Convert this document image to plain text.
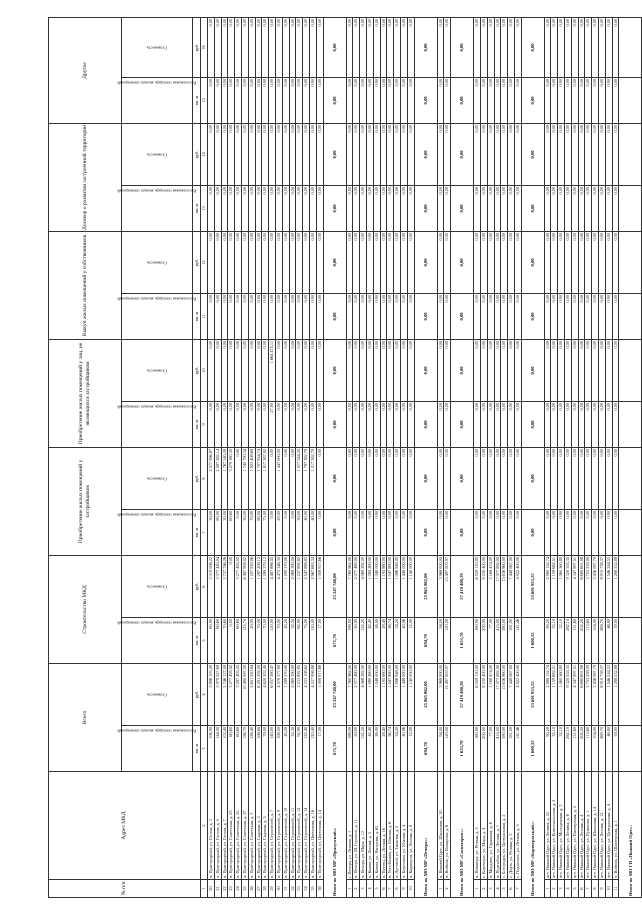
№ п/п	Адрес МКД	Всего		Строительство МКД		Приобретение жилых помещений у застройщиков		Приобретение жилых помещений у лиц, не являющихся застройщиком		Выкуп жилых помещений у собственников		Договор о развитии застроенной территории		Другое	
		Расселяемая площадь жилых помещений	Стоимость	Расселяемая площадь жилых помещений	Стоимость	Расселяемая площадь жилых помещений	Стоимость	Расселяемая площадь жилых помещений	Стоимость	Расселяемая площадь жилых помещений	Стоимость	Расселяемая площадь жилых помещений	Стоимость	Расселяемая площадь жилых помещений	Стоимость
		кв. м	руб.	кв. м	руб.	кв. м	руб.	кв. м	руб.	кв. м	руб.	кв. м	руб.	кв. м	руб.
1	2	3	4	5	6	7	8	9	10	11	12	13	14	15	16
20	п. Пригородный, ул. Гоголя, д. 3	106,90	5 896 103,09	60,90	3 319 006,22	30,00	2 577 096,87	0,00	0,00	0,00	0,00	0,00	0,00	0,00	0,00
21	п. Пригородный, ул. Гоголя, д. 5	144,00	5 979 327,69	60,60	3 377 445,04	80,00	2 597 382,14	0,00	0,00	0,00	0,00	0,00	0,00	0,00	0,00
22	п. Пригородный, ул. Гоголя, д. 7	103,40	5 746 137,09	70,60	3 737 746,26	30,00	1 767 340,28	0,00	0,00	0,00	0,00	0,00	0,00	0,00	0,00
23	п. Пригородный, ул. Советская, д. 23	60,60	3 277 495,02	0,00	0,00	60,60	3 279 380,30	0,00	0,00	0,00	0,00	0,00	0,00	0,00	0,00
24	п. Пригородный, ул. Советская, д. 25	60,60	3 297 495,02	60,60	3 277 495,02	0,00	0,00	0,00	0,00	0,00	0,00	0,00	0,00	0,00	0,00
25	п. Пригородный, ул. Советская, д. 27	156,70	10 490 097,00	125,70	6 487 908,02	30,00	1 745 790,34	0,00	0,00	0,00	0,00	0,00	0,00	0,00	0,00
26	п. Пригородный, ул. Советская, д. 3	126,40	5 651 220,84	20,00	1 207 930,06	70,00	1 923 408,68	0,00	0,00	0,00	0,00	0,00	0,00	0,00	0,00
27	п. Пригородный, ул. Садовая, д. 3	106,60	6 291 292,20	70,00	1 287 208,12	80,00	1 707 954,74	0,00	0,00	0,00	0,00	0,00	0,00	0,00	0,00
28	п. Пригородный, ул. Садовая, д. 5	78,00	4 620 303,40	70,00	1 289 379,12	75,00	1 817 387,02	0,00	0,00	0,00	0,00	0,00	0,00	0,00	0,00
29	п. Пригородный, ул. Строителей, д. 7	140,00	6 057 380,47	120,00	4 487 886,55	0,00	0,00	27,90	1 664 475,11	0,00	0,00	0,00	0,00	0,00	0,00
30	п. Пригородный, ул. Строителей, д. 9	108,00	4 579 377,90	70,00	4 473 346,30	29,00	1 447 000,00	0,00	0,00	0,00	0,00	0,00	0,00	0,00	0,00
31	п. Пригородный, ул. Строителей, д. 10	45,20	1 299 370,00	45,20	1 299 370,00	0,00	0,00	0,00	0,00	0,00	0,00	0,00	0,00	0,00	0,00
32	п. Пригородный, ул. Строителей, д. 11	32,30	2 069 390,00	32,30	2 069 390,00	0,00	0,00	0,00	0,00	0,00	0,00	0,00	0,00	0,00	0,00
33	п. Пригородный, ул. Строителей, д. 12	92,90	3 233 892,85	62,90	1 237 892,85	30,00	1 077 344,20	0,00	0,00	0,00	0,00	0,00	0,00	0,00	0,00
34	п. Пригородный, ул. Строителей, д. 14	122,40	4 333 108,62	75,00	2 547 888,83	40,00	1 787 382,79	0,00	0,00	0,00	0,00	0,00	0,00	0,00	0,00
35	п. Пригородный, ул. Цветочная, д. 16	120,40	4 537 998,88	120,00	2 967 683,34	40,00	1 217 382,79	0,00	0,00	0,00	0,00	0,00	0,00	0,00	0,00
36	п. Пригородный, ул. Цветочная, д. 14	17,00	1 008 917,66	17,00	1 008 917,66	0,00	0,00	0,00	0,00	0,00	0,00	0,00	0,00	0,00	0,00
Итого по МО МР «Прилузский»:		671,70	23 247 740,00	671,70	23 247 740,00	0,00	0,00	0,00	0,00	0,00	0,00	0,00	0,00	0,00	0,00
1	г. Печора, ул. Ленина, д. 1	188,00	7 760 962,00	188,00	7 760 962,00	0,00	0,00	0,00	0,00	0,00	0,00	0,00	0,00	0,00	0,00
2	п. Печора, ул. М. Горького, д. 11	50,90	2 077 480,00	50,90	2 077 480,00	0,00	0,00	0,00	0,00	0,00	0,00	0,00	0,00	0,00	0,00
3	п. Печора, ул. Мира, д. 12	152,20	4 068 282,00	152,20	4 068 282,00	0,00	0,00	0,00	0,00	0,00	0,00	0,00	0,00	0,00	0,00
4	п. Кожва, ул. Лесная, д. 5	42,40	1 080 260,00	42,40	1 080 260,00	0,00	0,00	0,00	0,00	0,00	0,00	0,00	0,00	0,00	0,00
5	п. Кожва, ул. Нагорная, д. 65	26,00	1 048 000,00	26,00	1 048 000,00	0,00	0,00	0,00	0,00	0,00	0,00	0,00	0,00	0,00	0,00
6	п. Путеец, ул. Лесная, д. 16	28,40	1 195 880,00	28,40	1 195 880,00	0,00	0,00	0,00	0,00	0,00	0,00	0,00	0,00	0,00	0,00
7	п. Усть-Кожва, ул. Южная, д. 6	56,74	1 047 880,00	56,74	1 047 880,00	0,00	0,00	0,00	0,00	0,00	0,00	0,00	0,00	0,00	0,00
8	п. Луговой, ул. Таежная, д. 3	34,20	1 086 948,00	34,20	1 086 948,00	0,00	0,00	0,00	0,00	0,00	0,00	0,00	0,00	0,00	0,00
9	п. Березовка, ул. Южная, д. 4	40,96	1 448 000,00	40,96	1 448 000,00	0,00	0,00	0,00	0,00	0,00	0,00	0,00	0,00	0,00	0,00
10	п. Каджером, ул. Лесная, д. 8	12,00	1 140 000,00	12,00	1 140 000,00	0,00	0,00	0,00	0,00	0,00	0,00	0,00	0,00	0,00	0,00
Итого по МО МР «Печора»:		694,70	25 865 862,00	694,70	25 865 862,00	0,00	0,00	0,00	0,00	0,00	0,00	0,00	0,00	0,00	0,00
1	п. Нижний Одес, ул. Школьная, д. 30	94,00	3 968 000,00	94,00	3 968 000,00	0,00	0,00	0,00	0,00	0,00	0,00	0,00	0,00	0,00	0,00
2	п. Войвож, ул. Комарова, д. 6	120,00	15 497 003,97	120,00	15 497 003,97	0,00	0,00	0,00	0,00	0,00	0,00	0,00	0,00	0,00	0,00
Итого по МО МР «Сосногорск»:		1 653,70	57 419 400,29	1 653,70	57 419 400,29	0,00	0,00	0,00	0,00	0,00	0,00	0,00	0,00	0,00	0,00
1	п. Нившера, ул. Речная, д. 5	160,90	6 559 130,00	160,90	6 559 130,00	0,00	0,00	0,00	0,00	0,00	0,00	0,00	0,00	0,00	0,00
2	с. Корткерос, ул. Мира, д. 4	200,00	8 230 400,00	200,00	8 230 400,00	0,00	0,00	0,00	0,00	0,00	0,00	0,00	0,00	0,00	0,00
3	п. Мордино, ул. Гаражная, д. 6	77,00	3 168 474,00	77,00	3 168 474,00	0,00	0,00	0,00	0,00	0,00	0,00	0,00	0,00	0,00	0,00
4	п. Подтыбок, ул. Лесная, д. 1	415,00	17 077 082,00	415,00	17 077 082,00	0,00	0,00	0,00	0,00	0,00	0,00	0,00	0,00	0,00	0,00
5	с. Богородск, ул. Центральная, д. 2	380,00	15 636 960,00	380,00	15 636 960,00	0,00	0,00	0,00	0,00	0,00	0,00	0,00	0,00	0,00	0,00
6	с. Додзь, ул. Речная, д. 3	181,00	7 448 067,00	181,00	7 448 067,00	0,00	0,00	0,00	0,00	0,00	0,00	0,00	0,00	0,00	0,00
7	с. Подъельск, ул. Лесная, д. 5	141,46	4 922 400,00	141,46	4 922 400,00	0,00	0,00	0,00	0,00	0,00	0,00	0,00	0,00	0,00	0,00
Итого по МО МР «Корткеросский»:		1 600,32	53 601 953,55	1 600,32	53 601 953,55	0,00	0,00	0,00	0,00	0,00	0,00	0,00	0,00	0,00	0,00
1	пгт. Нижний Одес, ул. Ленина, д. 22	90,20	2 980 152,74	90,20	2 980 152,74	0,00	0,00	0,00	0,00	0,00	0,00	0,00	0,00	0,00	0,00
2	пгт. Нижний Одес, ул. Комсомольская, д. 2	35,10	1 159 682,51	35,10	1 159 682,51	0,00	0,00	0,00	0,00	0,00	0,00	0,00	0,00	0,00	0,00
3	пгт. Нижний Одес, ул. Молодежная, д. 3	32,10	1 060 560,80	32,10	1 060 560,80	0,00	0,00	0,00	0,00	0,00	0,00	0,00	0,00	0,00	0,00
4	пгт. Нижний Одес, ул. Ленина, д. 6	282,10	9 320 555,35	282,10	9 320 555,35	0,00	0,00	0,00	0,00	0,00	0,00	0,00	0,00	0,00	0,00
5	пгт. Нижний Одес, ул. Пионерская, д. 2	131,60	4 347 997,51	131,60	4 347 997,51	0,00	0,00	0,00	0,00	0,00	0,00	0,00	0,00	0,00	0,00
6	пгт. Нижний Одес, ул. Лесная, д. 4	202,20	6 680 601,98	202,20	6 680 601,98	0,00	0,00	0,00	0,00	0,00	0,00	0,00	0,00	0,00	0,00
7	пгт. Нижний Одес, ул. Пушкина, д. 1	113,60	3 753 259,09	113,60	3 753 259,09	0,00	0,00	0,00	0,00	0,00	0,00	0,00	0,00	0,00	0,00
8	пгт. Нижний Одес, ул. Школьная, д. 14	104,00	3 436 087,70	104,00	3 436 087,70	0,00	0,00	0,00	0,00	0,00	0,00	0,00	0,00	0,00	0,00
9	пгт. Нижний Одес, ул. Лесная, д. 12	269,70	8 910 738,37	269,70	8 910 738,37	0,00	0,00	0,00	0,00	0,00	0,00	0,00	0,00	0,00	0,00
10	пгт. Нижний Одес, ул. Центральная, д. 4	46,80	1 546 244,53	46,80	1 546 244,53	0,00	0,00	0,00	0,00	0,00	0,00	0,00	0,00	0,00	0,00
11	п. Войвож, ул. Шахтерская, д. 1	39,00	1 288 532,88	39,00	1 288 532,88	0,00	0,00	0,00	0,00	0,00	0,00	0,00	0,00	0,00	0,00
Итого по МО ГП «Нижний Одес»:															
